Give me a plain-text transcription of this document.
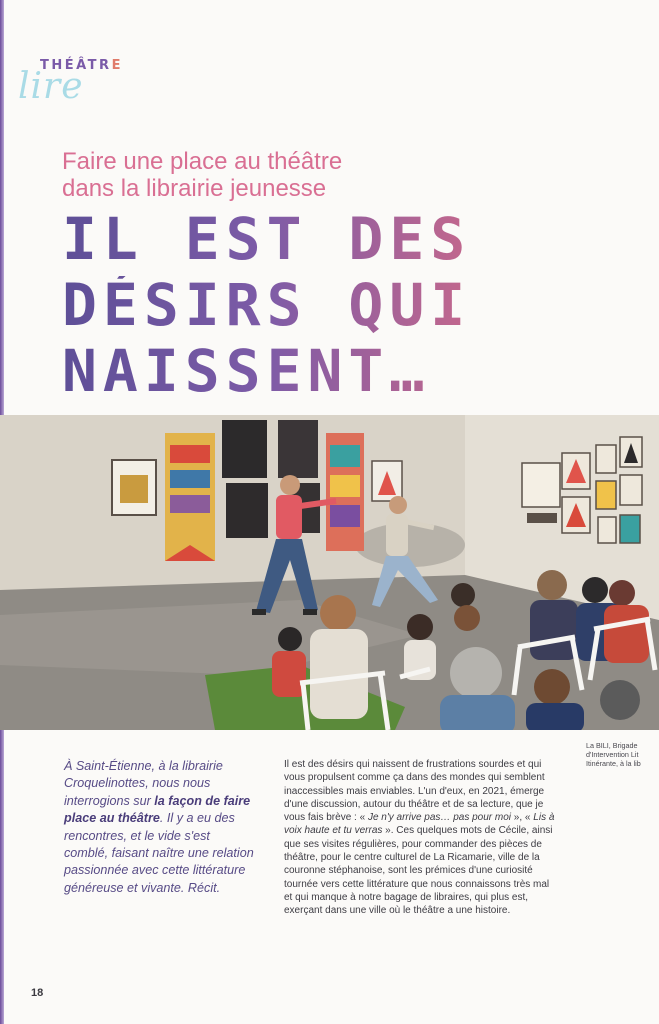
THÉÂTRE
lire
Faire une place au théâtre
dans la librairie jeunesse
IL EST DES
DÉSIRS QUI
NAISSENT…
À Saint-Étienne, à la librairie Croquelinottes, nous nous interrogions sur la façon de faire place au théâtre. Il y a eu des rencontres, et le vide s'est comblé, faisant naître une relation passionnée avec cette littérature généreuse et vivante. Récit.
Il est des désirs qui naissent de frustrations sourdes et qui vous propulsent comme ça dans des mondes qui semblent inaccessibles mais enviables. L'un d'eux, en 2021, émerge d'une discussion, autour du théâtre et de sa lecture, que je vous fais brève : « Je n'y arrive pas… pas pour moi », « Lis à voix haute et tu verras ». Ces quelques mots de Cécile, ainsi que ses visites régulières, pour commander des pièces de théâtre, pour le centre culturel de La Ricamarie, ville de la couronne stéphanoise, sont les prémices d'une curiosité tournée vers cette littérature que nous connaissons très mal et qui manque à notre bagage de libraires, qui plus est, exerçant dans une ville où le théâtre a une histoire.
La BILI, Brigade
d'Intervention Lit
Itinérante, à la lib
18
